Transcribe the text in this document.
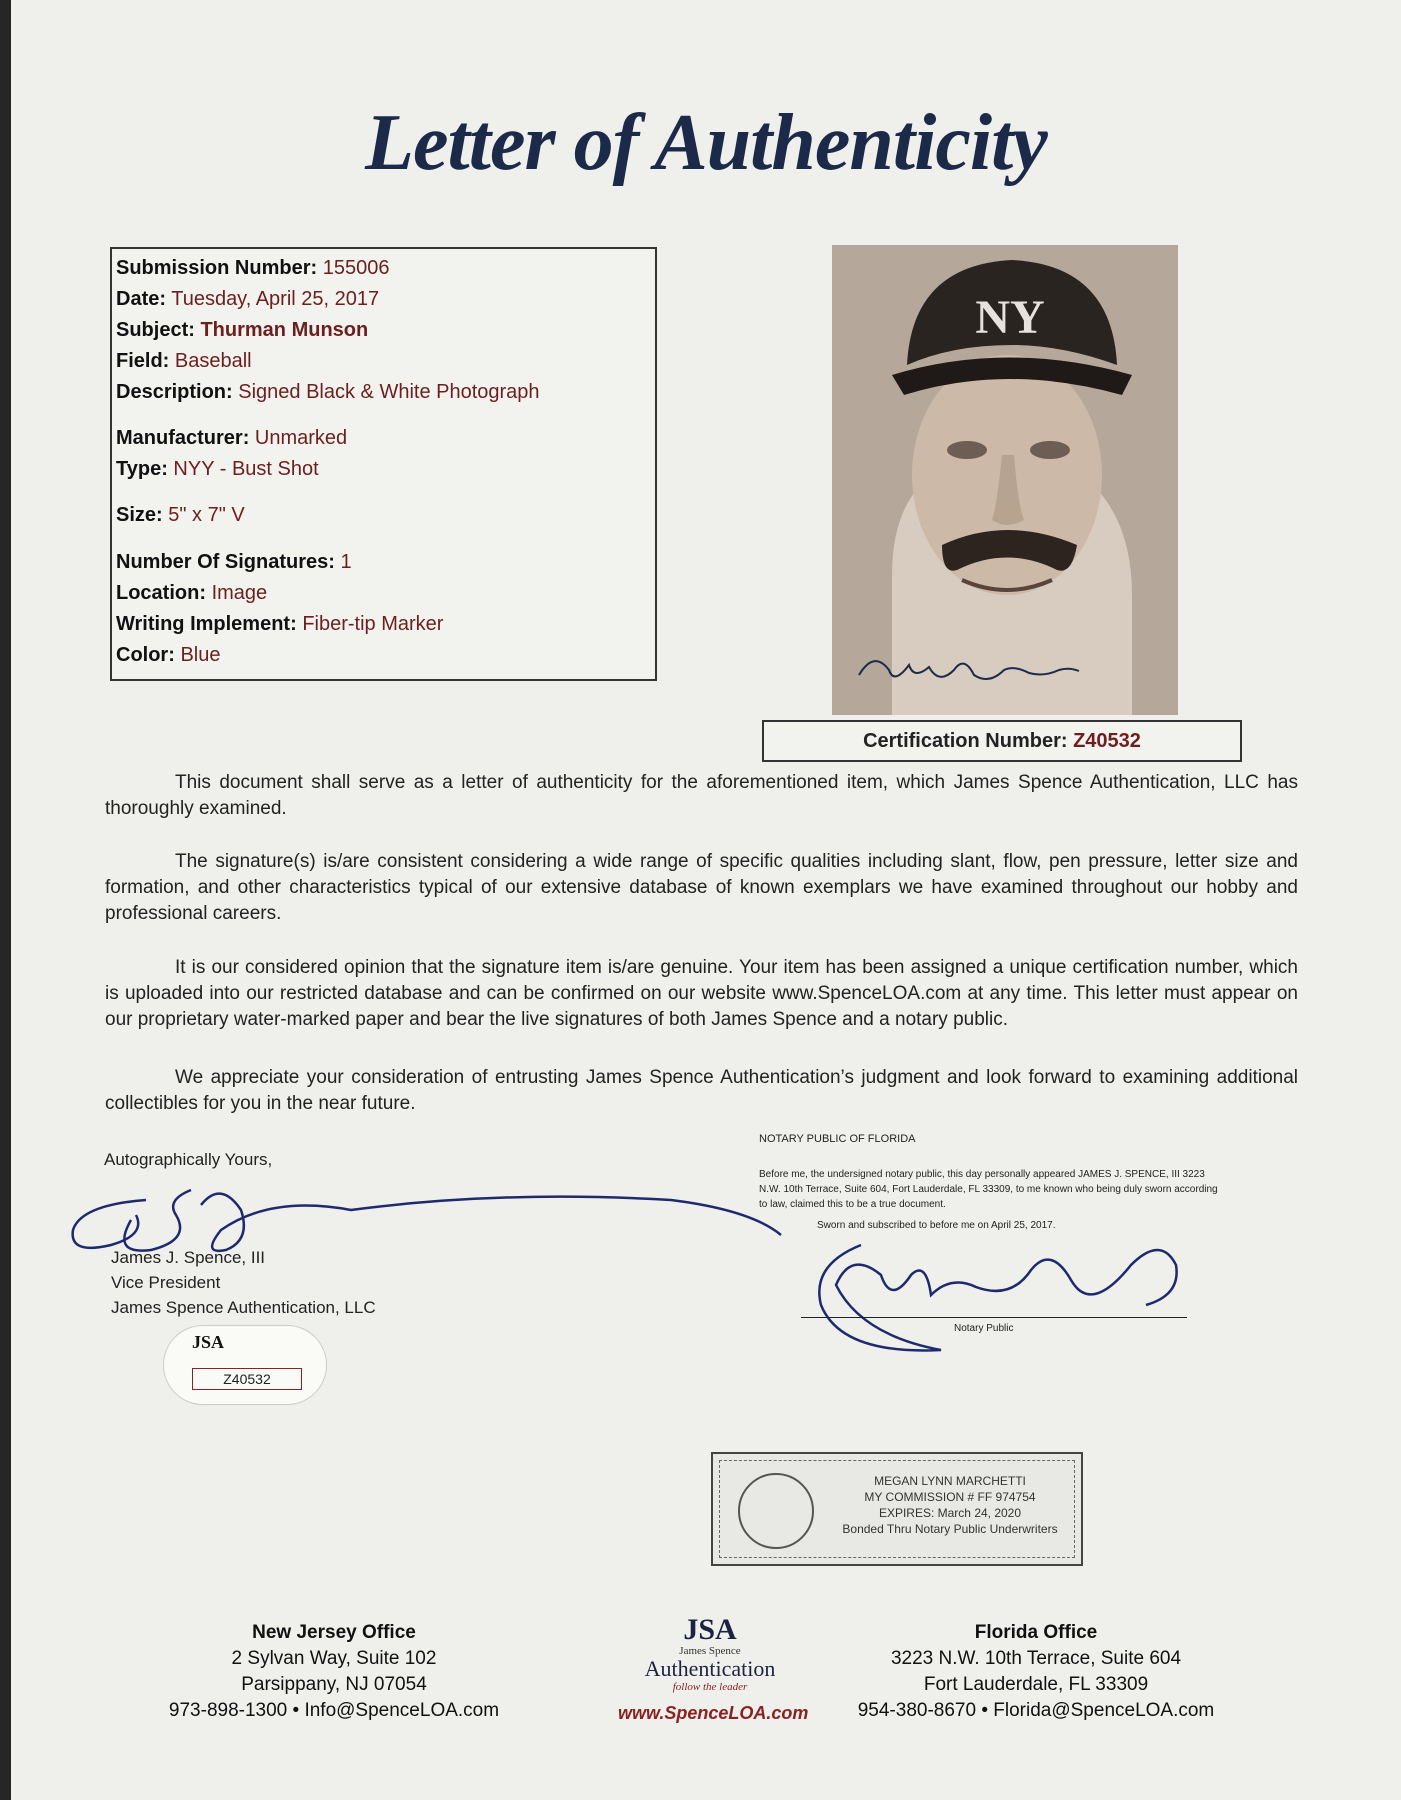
Letter of Authenticity
Submission Number: 155006
Date: Tuesday, April 25, 2017
Subject: Thurman Munson
Field: Baseball
Description: Signed Black & White Photograph
Manufacturer: Unmarked
Type: NYY - Bust Shot
Size: 5" x 7" V
Number Of Signatures: 1
Location: Image
Writing Implement: Fiber-tip Marker
Color: Blue
NY
Certification Number: Z40532
This document shall serve as a letter of authenticity for the aforementioned item, which James Spence Authentication, LLC has thoroughly examined.
The signature(s) is/are consistent considering a wide range of specific qualities including slant, flow, pen pressure, letter size and formation, and other characteristics typical of our extensive database of known exemplars we have examined throughout our hobby and professional careers.
It is our considered opinion that the signature item is/are genuine. Your item has been assigned a unique certification number, which is uploaded into our restricted database and can be confirmed on our website www.SpenceLOA.com at any time. This letter must appear on our proprietary water-marked paper and bear the live signatures of both James Spence and a notary public.
We appreciate your consideration of entrusting James Spence Authentication’s judgment and look forward to examining additional collectibles for you in the near future.
Autographically Yours,
James J. Spence, III
Vice President
James Spence Authentication, LLC
JSA
Z40532
NOTARY PUBLIC OF FLORIDA
Before me, the undersigned notary public, this day personally appeared JAMES J. SPENCE, III 3223 N.W. 10th Terrace, Suite 604, Fort Lauderdale, FL 33309, to me known who being duly sworn according to law, claimed this to be a true document.
Sworn and subscribed to before me on April 25, 2017.
Notary Public
MEGAN LYNN MARCHETTI
MY COMMISSION # FF 974754
EXPIRES: March 24, 2020
Bonded Thru Notary Public Underwriters
New Jersey Office
2 Sylvan Way, Suite 102
Parsippany, NJ 07054
973-898-1300 • Info@SpenceLOA.com
JSA
James Spence
Authentication
follow the leader
www.SpenceLOA.com
Florida Office
3223 N.W. 10th Terrace, Suite 604
Fort Lauderdale, FL 33309
954-380-8670 • Florida@SpenceLOA.com
